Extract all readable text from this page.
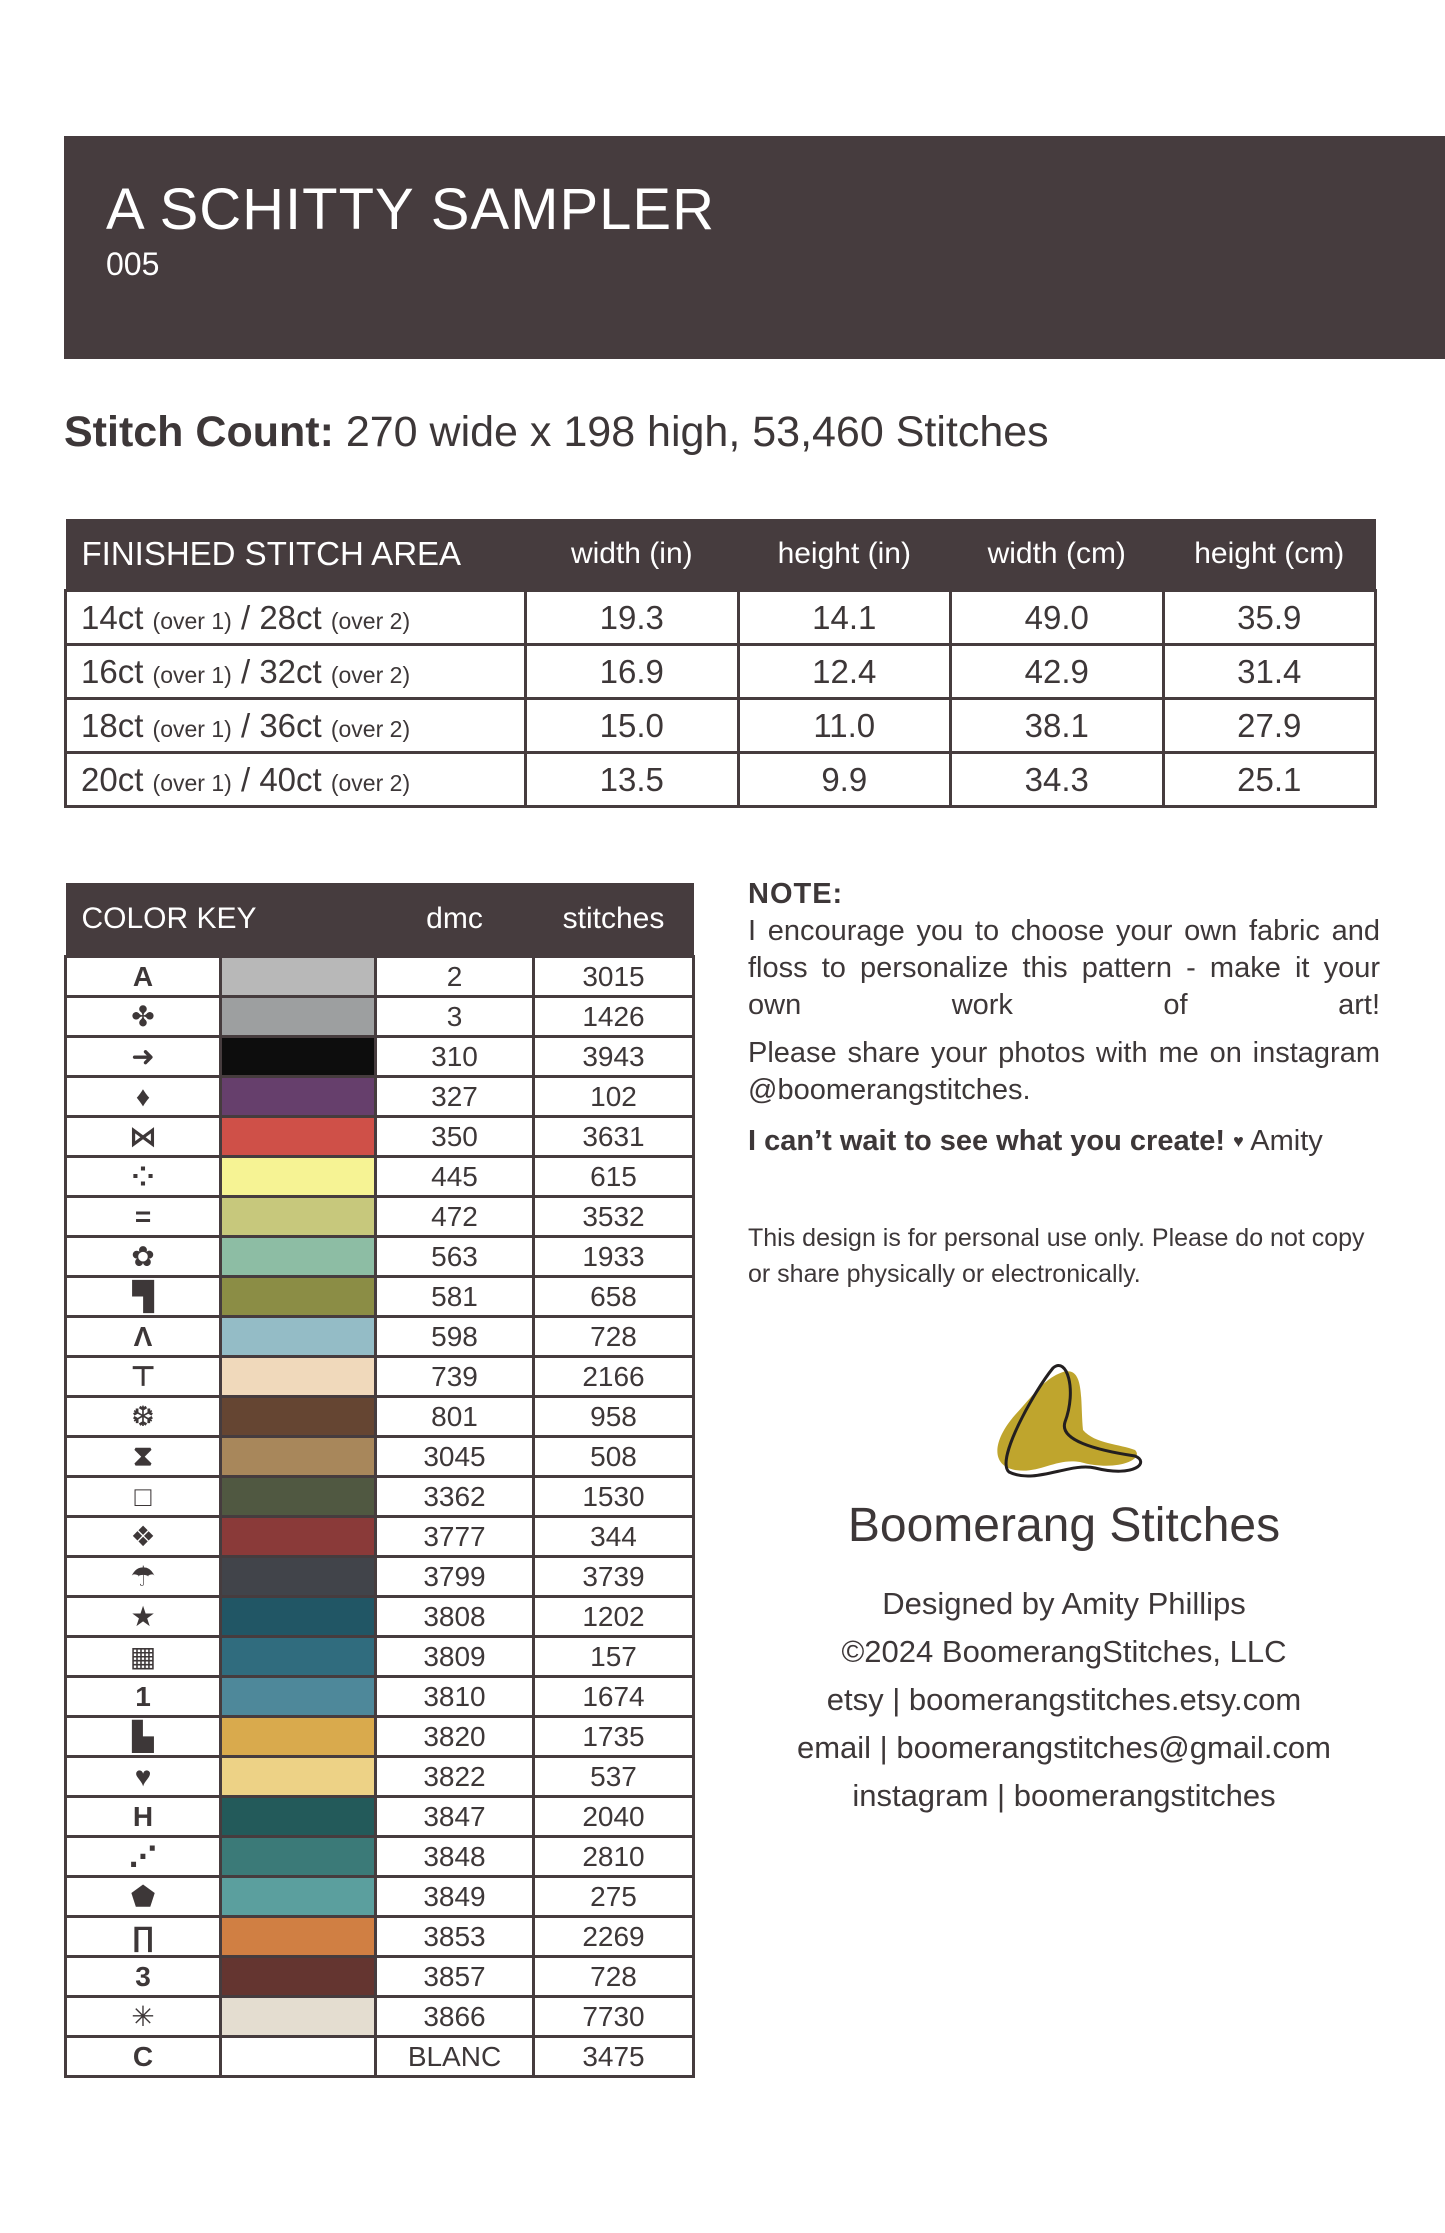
A SCHITTY SAMPLER
005
Stitch Count: 270 wide x 198 high, 53,460 Stitches
FINISHED STITCH AREA	width (in)	height (in)	width (cm)	height (cm)
14ct (over 1) / 28ct (over 2)	19.3	14.1	49.0	35.9
16ct (over 1) / 32ct (over 2)	16.9	12.4	42.9	31.4
18ct (over 1) / 36ct (over 2)	15.0	11.0	38.1	27.9
20ct (over 1) / 40ct (over 2)	13.5	9.9	34.3	25.1
COLOR KEY		dmc	stitches
A		2	3015
✤		3	1426
➜		310	3943
♦		327	102
⋈		350	3631
⁘		445	615
=		472	3532
✿		563	1933
▜		581	658
Λ		598	728
⊤		739	2166
❆		801	958
⧗		3045	508
□		3362	1530
❖		3777	344
☂		3799	3739
★		3808	1202
▦		3809	157
1		3810	1674
▙		3820	1735
♥		3822	537
H		3847	2040
⋰		3848	2810
⬟		3849	275
∏		3853	2269
3		3857	728
✳		3866	7730
C		BLANC	3475

NOTE:

I encourage you to choose your own fabric and floss to personalize this pattern - make it your own work of art!

Please share your photos with me on instagram @boomerangstitches.

I can’t wait to see what you create! ♥ Amity

This design is for personal use only. Please do not copy or share physically or electronically.
Boomerang Stitches
Designed by Amity Phillips
©2024 BoomerangStitches, LLC
etsy | boomerangstitches.etsy.com
email | boomerangstitches@gmail.com
instagram | boomerangstitches
